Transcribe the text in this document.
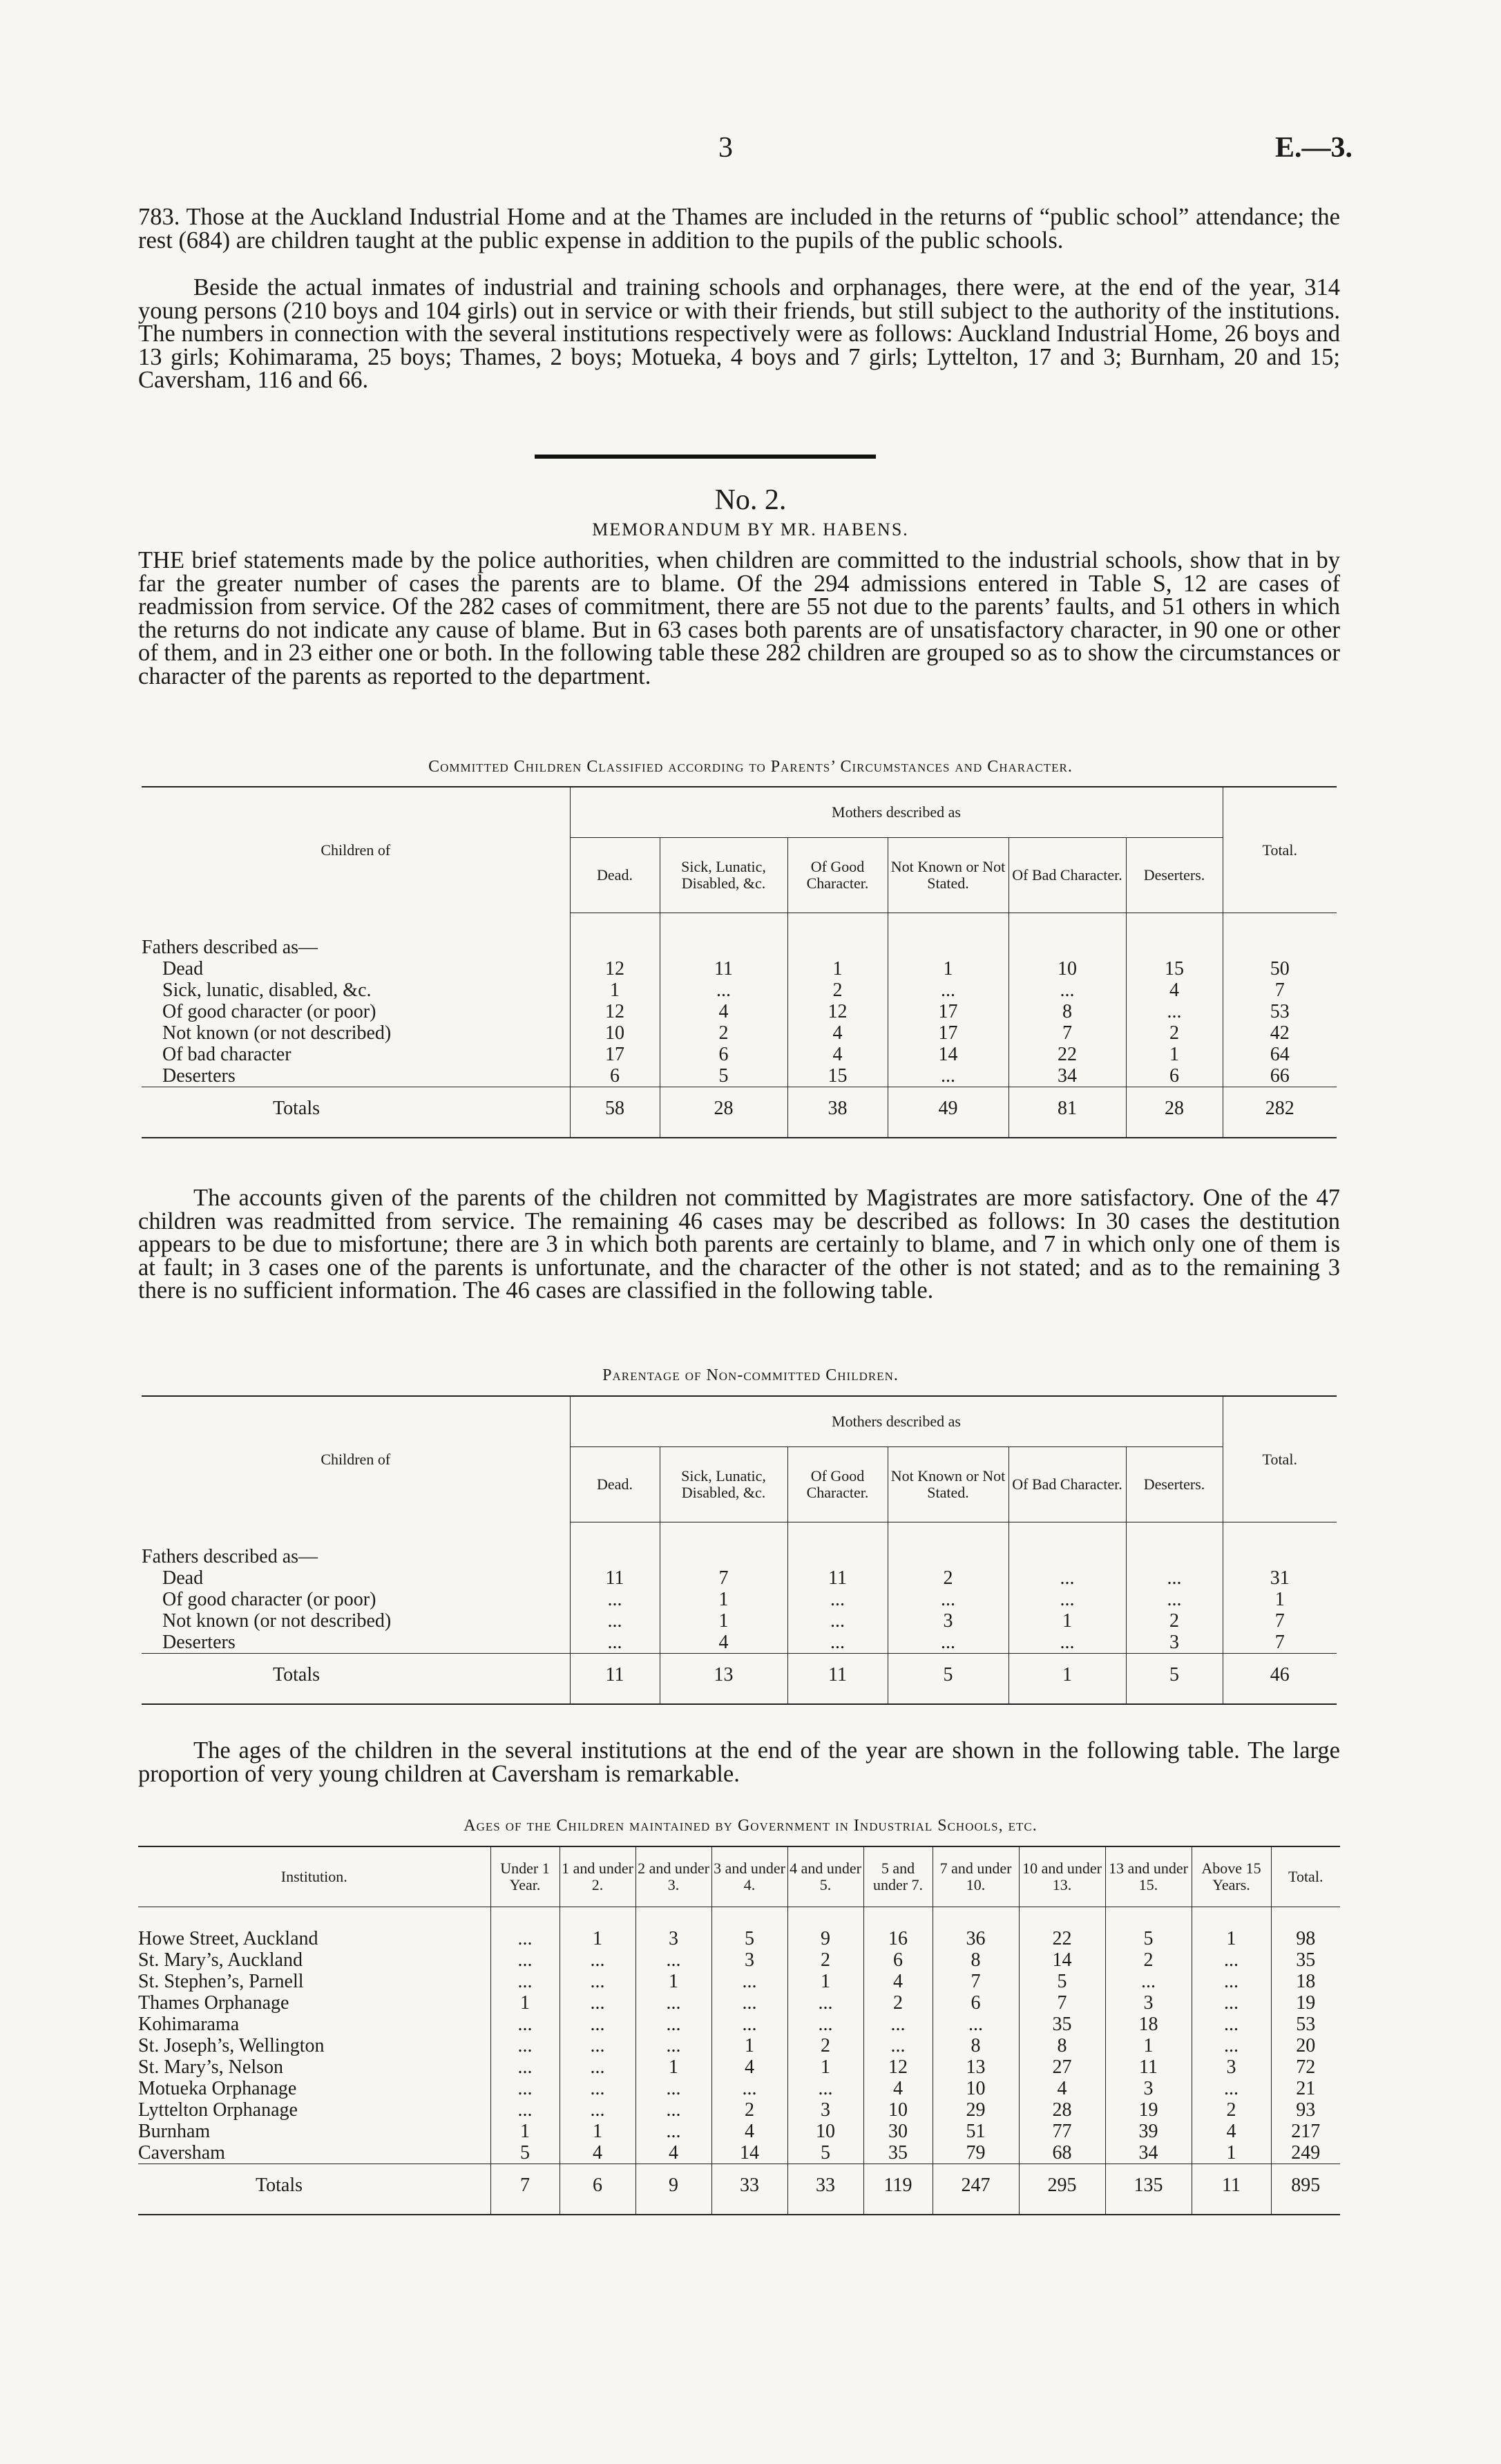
3	E.—3.

783. Those at the Auckland Industrial Home and at the Thames are included in the returns of “public school” attendance; the rest (684) are children taught at the public expense in addition to the pupils of the public schools.

Beside the actual inmates of industrial and training schools and orphanages, there were, at the end of the year, 314 young persons (210 boys and 104 girls) out in service or with their friends, but still subject to the authority of the institutions. The numbers in connection with the several institutions respectively were as follows: Auckland Industrial Home, 26 boys and 13 girls; Kohimarama, 25 boys; Thames, 2 boys; Motueka, 4 boys and 7 girls; Lyttelton, 17 and 3; Burnham, 20 and 15; Caversham, 116 and 66.

No. 2.
MEMORANDUM BY MR. HABENS.

THE brief statements made by the police authorities, when children are committed to the industrial schools, show that in by far the greater number of cases the parents are to blame. Of the 294 admissions entered in Table S, 12 are cases of readmission from service. Of the 282 cases of commitment, there are 55 not due to the parents’ faults, and 51 others in which the returns do not indicate any cause of blame. But in 63 cases both parents are of unsatisfactory character, in 90 one or other of them, and in 23 either one or both. In the following table these 282 children are grouped so as to show the circumstances or character of the parents as reported to the department.

Committed Children Classified according to Parents’ Circumstances and Character.
Children of	Mothers described as						Total.
	Dead.	Sick, Lunatic, Disabled, &c.	Of Good Character.	Not Known or Not Stated.	Of Bad Character.	Deserters.	

Fathers described as—							
Dead	12	11	1	1	10	15	50
Sick, lunatic, disabled, &c.	1	...	2	...	...	4	7
Of good character (or poor)	12	4	12	17	8	...	53
Not known (or not described)	10	2	4	17	7	2	42
Of bad character	17	6	4	14	22	1	64
Deserters	6	5	15	...	34	6	66
Totals	58	28	38	49	81	28	282

The accounts given of the parents of the children not committed by Magistrates are more satisfactory. One of the 47 children was readmitted from service. The remaining 46 cases may be described as follows: In 30 cases the destitution appears to be due to misfortune; there are 3 in which both parents are certainly to blame, and 7 in which only one of them is at fault; in 3 cases one of the parents is unfortunate, and the character of the other is not stated; and as to the remaining 3 there is no sufficient information. The 46 cases are classified in the following table.

Parentage of Non-committed Children.
Children of	Mothers described as						Total.
	Dead.	Sick, Lunatic, Disabled, &c.	Of Good Character.	Not Known or Not Stated.	Of Bad Character.	Deserters.	

Fathers described as—							
Dead	11	7	11	2	...	...	31
Of good character (or poor)	...	1	...	...	...	...	1
Not known (or not described)	...	1	...	3	1	2	7
Deserters	...	4	...	...	...	3	7
Totals	11	13	11	5	1	5	46

The ages of the children in the several institutions at the end of the year are shown in the following table. The large proportion of very young children at Caversham is remarkable.

Ages of the Children maintained by Government in Industrial Schools, etc.
Institution.	Under 1 Year.	1 and under 2.	2 and under 3.	3 and under 4.	4 and under 5.	5 and under 7.	7 and under 10.	10 and under 13.	13 and under 15.	Above 15 Years.	Total.

Howe Street, Auckland	...	1	3	5	9	16	36	22	5	1	98
St. Mary’s, Auckland	...	...	...	3	2	6	8	14	2	...	35
St. Stephen’s, Parnell	...	...	1	...	1	4	7	5	...	...	18
Thames Orphanage	1	...	...	...	...	2	6	7	3	...	19
Kohimarama	...	...	...	...	...	...	...	35	18	...	53
St. Joseph’s, Wellington	...	...	...	1	2	...	8	8	1	...	20
St. Mary’s, Nelson	...	...	1	4	1	12	13	27	11	3	72
Motueka Orphanage	...	...	...	...	...	4	10	4	3	...	21
Lyttelton Orphanage	...	...	...	2	3	10	29	28	19	2	93
Burnham	1	1	...	4	10	30	51	77	39	4	217
Caversham	5	4	4	14	5	35	79	68	34	1	249
Totals	7	6	9	33	33	119	247	295	135	11	895
